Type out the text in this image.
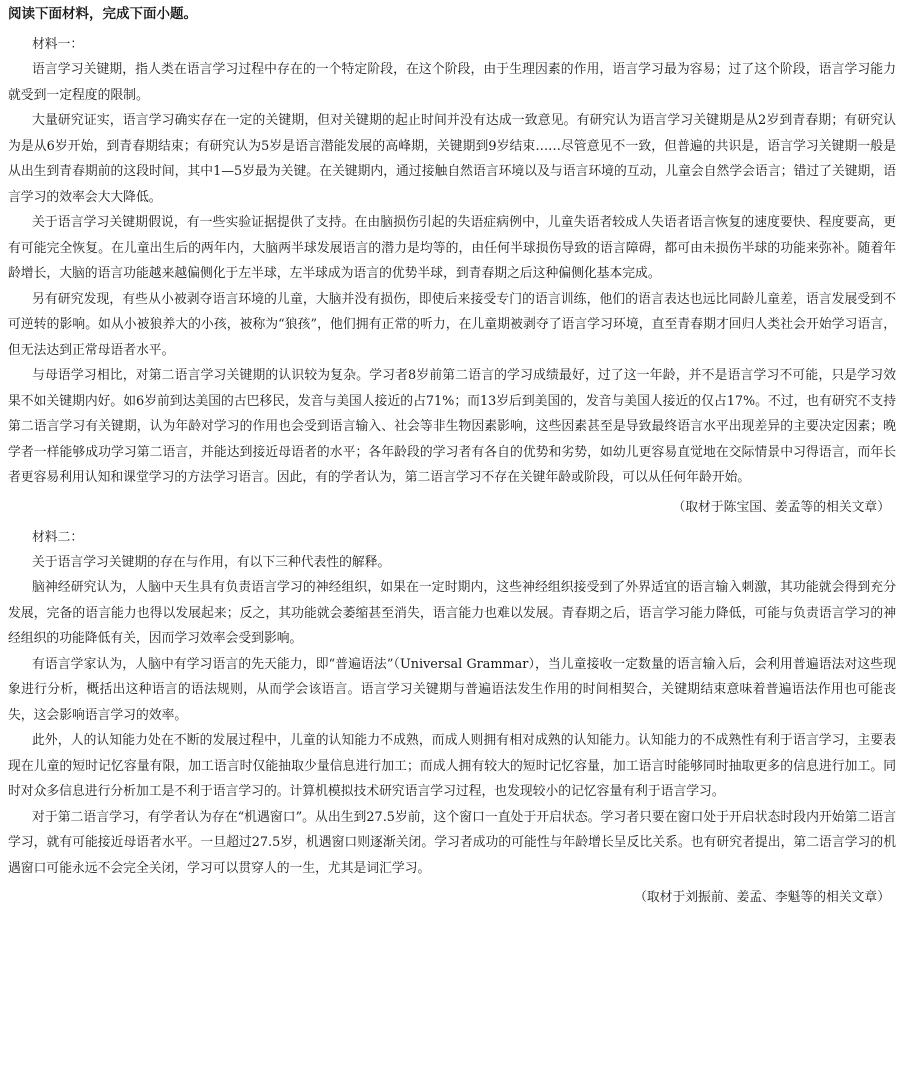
阅读下面材料，完成下面小题。
材料一：

语言学习关键期，指人类在语言学习过程中存在的一个特定阶段，在这个阶段，由于生理因素的作用，语言学习最为容易；过了这个阶段，语言学习能力就受到一定程度的限制。

大量研究证实，语言学习确实存在一定的关键期，但对关键期的起止时间并没有达成一致意见。有研究认为语言学习关键期是从2岁到青春期；有研究认为是从6岁开始，到青春期结束；有研究认为5岁是语言潜能发展的高峰期，关键期到9岁结束……尽管意见不一致，但普遍的共识是，语言学习关键期一般是从出生到青春期前的这段时间，其中1—5岁最为关键。在关键期内，通过接触自然语言环境以及与语言环境的互动，儿童会自然学会语言；错过了关键期，语言学习的效率会大大降低。

关于语言学习关键期假说，有一些实验证据提供了支持。在由脑损伤引起的失语症病例中，儿童失语者较成人失语者语言恢复的速度要快、程度要高，更有可能完全恢复。在儿童出生后的两年内，大脑两半球发展语言的潜力是均等的，由任何半球损伤导致的语言障碍，都可由未损伤半球的功能来弥补。随着年龄增长，大脑的语言功能越来越偏侧化于左半球，左半球成为语言的优势半球，到青春期之后这种偏侧化基本完成。

另有研究发现，有些从小被剥夺语言环境的儿童，大脑并没有损伤，即使后来接受专门的语言训练，他们的语言表达也远比同龄儿童差，语言发展受到不可逆转的影响。如从小被狼养大的小孩，被称为“狼孩”，他们拥有正常的听力，在儿童期被剥夺了语言学习环境，直至青春期才回归人类社会开始学习语言，但无法达到正常母语者水平。

与母语学习相比，对第二语言学习关键期的认识较为复杂。学习者8岁前第二语言的学习成绩最好，过了这一年龄，并不是语言学习不可能，只是学习效果不如关键期内好。如6岁前到达美国的古巴移民，发音与美国人接近的占71%；而13岁后到美国的，发音与美国人接近的仅占17%。不过，也有研究不支持第二语言学习有关键期，认为年龄对学习的作用也会受到语言输入、社会等非生物因素影响，这些因素甚至是导致最终语言水平出现差异的主要决定因素；晚学者一样能够成功学习第二语言，并能达到接近母语者的水平；各年龄段的学习者有各自的优势和劣势，如幼儿更容易直觉地在交际情景中习得语言，而年长者更容易利用认知和课堂学习的方法学习语言。因此，有的学者认为，第二语言学习不存在关键年龄或阶段，可以从任何年龄开始。

（取材于陈宝国、姜孟等的相关文章）
材料二：

关于语言学习关键期的存在与作用，有以下三种代表性的解释。

脑神经研究认为，人脑中天生具有负责语言学习的神经组织，如果在一定时期内，这些神经组织接受到了外界适宜的语言输入刺激，其功能就会得到充分发展，完备的语言能力也得以发展起来；反之，其功能就会萎缩甚至消失，语言能力也难以发展。青春期之后，语言学习能力降低，可能与负责语言学习的神经组织的功能降低有关，因而学习效率会受到影响。

有语言学家认为，人脑中有学习语言的先天能力，即“普遍语法”（Universal Grammar），当儿童接收一定数量的语言输入后，会利用普遍语法对这些现象进行分析，概括出这种语言的语法规则，从而学会该语言。语言学习关键期与普遍语法发生作用的时间相契合，关键期结束意味着普遍语法作用也可能丧失，这会影响语言学习的效率。

此外，人的认知能力处在不断的发展过程中，儿童的认知能力不成熟，而成人则拥有相对成熟的认知能力。认知能力的不成熟性有利于语言学习，主要表现在儿童的短时记忆容量有限，加工语言时仅能抽取少量信息进行加工；而成人拥有较大的短时记忆容量，加工语言时能够同时抽取更多的信息进行加工。同时对众多信息进行分析加工是不利于语言学习的。计算机模拟技术研究语言学习过程，也发现较小的记忆容量有利于语言学习。

对于第二语言学习，有学者认为存在“机遇窗口”。从出生到27.5岁前，这个窗口一直处于开启状态。学习者只要在窗口处于开启状态时段内开始第二语言学习，就有可能接近母语者水平。一旦超过27.5岁，机遇窗口则逐渐关闭。学习者成功的可能性与年龄增长呈反比关系。也有研究者提出，第二语言学习的机遇窗口可能永远不会完全关闭，学习可以贯穿人的一生，尤其是词汇学习。

（取材于刘振前、姜孟、李魁等的相关文章）
